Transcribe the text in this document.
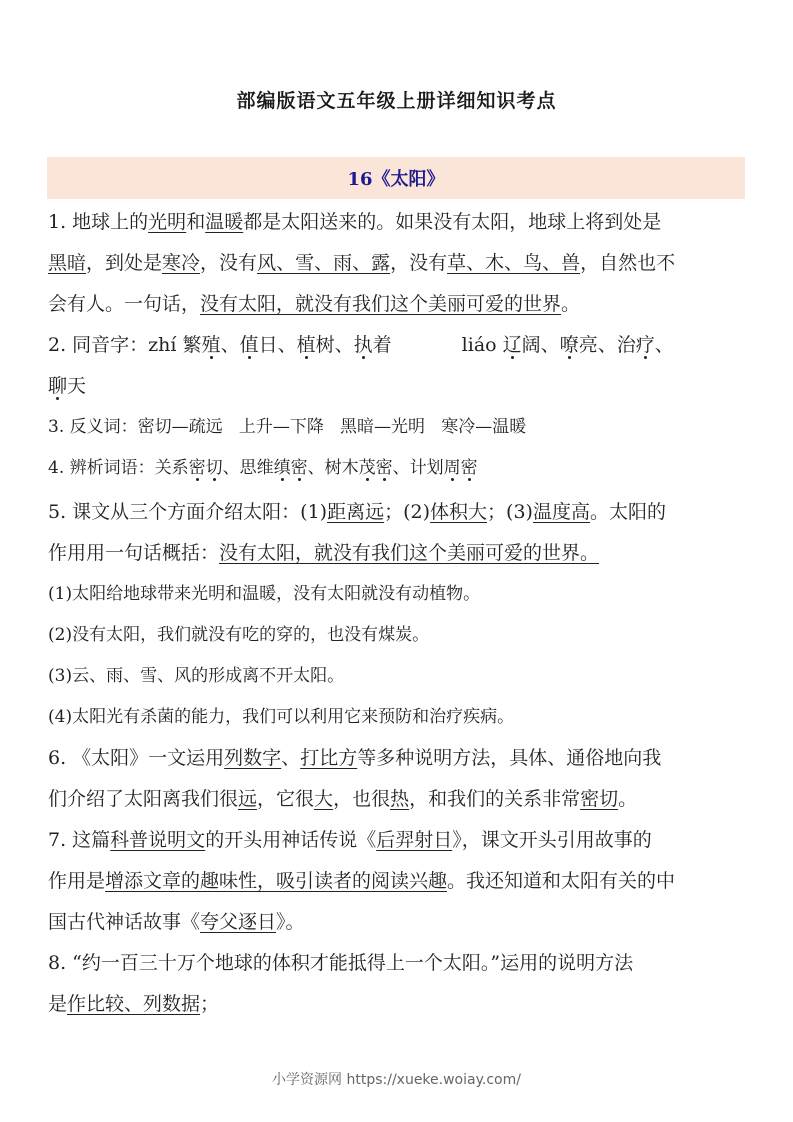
部编版语文五年级上册详细知识考点
16《太阳》
1. 地球上的光明和温暖都是太阳送来的。如果没有太阳，地球上将到处是
黑暗，到处是寒冷，没有风、雪、雨、露，没有草、木、鸟、兽，自然也不
会有人。一句话，没有太阳，就没有我们这个美丽可爱的世界。
2. 同音字：zhí 繁殖、值日、植树、执着	liáo 辽阔、嘹亮、治疗、
聊天
3. 反义词：密切—疏远   上升—下降   黑暗—光明   寒冷—温暖
4. 辨析词语：关系密切、思维缜密、树木茂密、计划周密
5. 课文从三个方面介绍太阳：(1)距离远；(2)体积大；(3)温度高。太阳的
作用用一句话概括：没有太阳，就没有我们这个美丽可爱的世界。
(1)太阳给地球带来光明和温暖，没有太阳就没有动植物。
(2)没有太阳，我们就没有吃的穿的，也没有煤炭。
(3)云、雨、雪、风的形成离不开太阳。
(4)太阳光有杀菌的能力，我们可以利用它来预防和治疗疾病。
6. 《太阳》一文运用列数字、打比方等多种说明方法，具体、通俗地向我
们介绍了太阳离我们很远，它很大，也很热，和我们的关系非常密切。
7. 这篇科普说明文的开头用神话传说《后羿射日》，课文开头引用故事的
作用是增添文章的趣味性，吸引读者的阅读兴趣。我还知道和太阳有关的中
国古代神话故事《夸父逐日》。
8. “约一百三十万个地球的体积才能抵得上一个太阳。”运用的说明方法
是作比较、列数据；
小学资源网 https://xueke.woiay.com/
